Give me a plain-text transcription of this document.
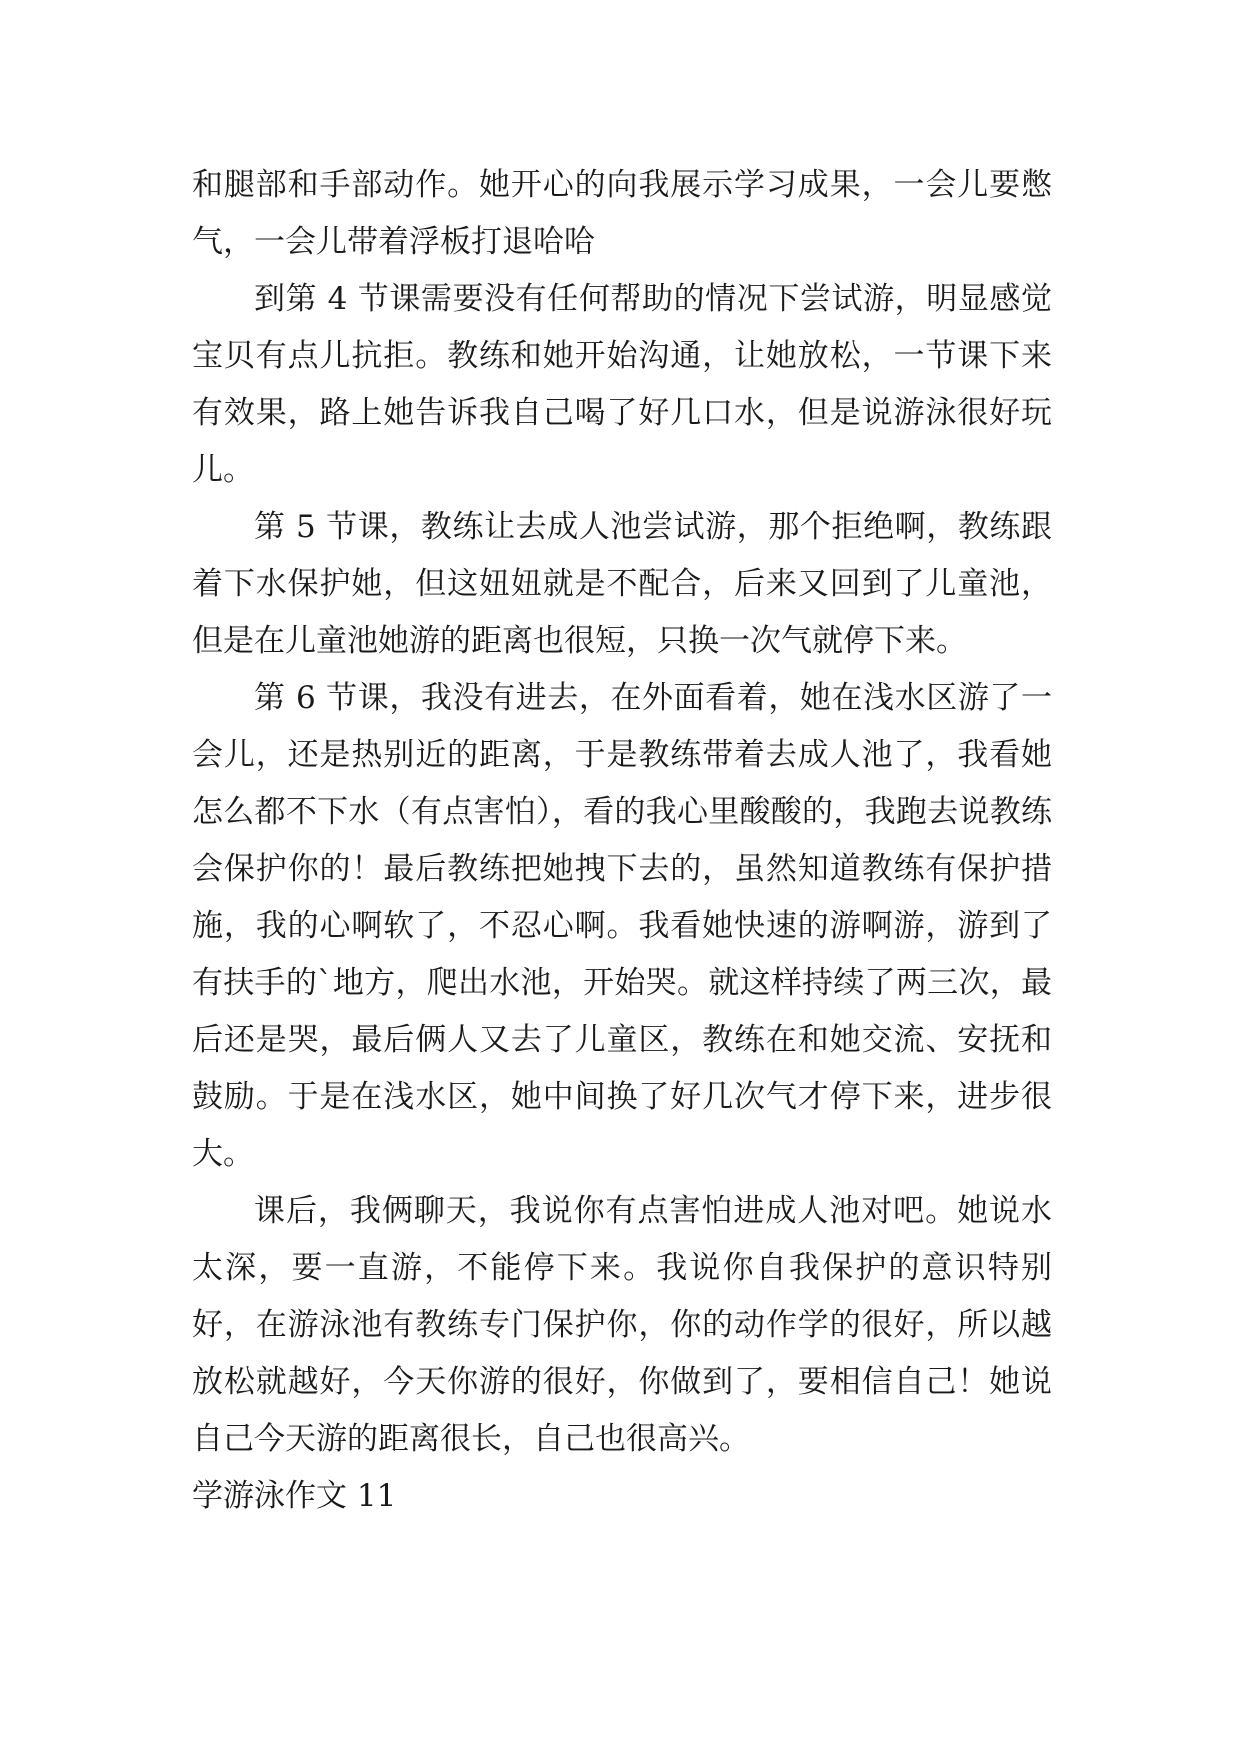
和腿部和手部动作。她开心的向我展示学习成果，一会儿要憋气，一会儿带着浮板打退哈哈

到第 4 节课需要没有任何帮助的情况下尝试游，明显感觉宝贝有点儿抗拒。教练和她开始沟通，让她放松，一节课下来有效果，路上她告诉我自己喝了好几口水，但是说游泳很好玩儿。

第 5 节课，教练让去成人池尝试游，那个拒绝啊，教练跟着下水保护她，但这妞妞就是不配合，后来又回到了儿童池，但是在儿童池她游的距离也很短，只换一次气就停下来。

第 6 节课，我没有进去，在外面看着，她在浅水区游了一会儿，还是热别近的距离，于是教练带着去成人池了，我看她怎么都不下水（有点害怕），看的我心里酸酸的，我跑去说教练会保护你的！最后教练把她拽下去的，虽然知道教练有保护措施，我的心啊软了，不忍心啊。我看她快速的游啊游，游到了有扶手的`地方，爬出水池，开始哭。就这样持续了两三次，最后还是哭，最后俩人又去了儿童区，教练在和她交流、安抚和鼓励。于是在浅水区，她中间换了好几次气才停下来，进步很大。

课后，我俩聊天，我说你有点害怕进成人池对吧。她说水太深，要一直游，不能停下来。我说你自我保护的意识特别好，在游泳池有教练专门保护你，你的动作学的很好，所以越放松就越好，今天你游的很好，你做到了，要相信自己！她说自己今天游的距离很长，自己也很高兴。

学游泳作文 11
